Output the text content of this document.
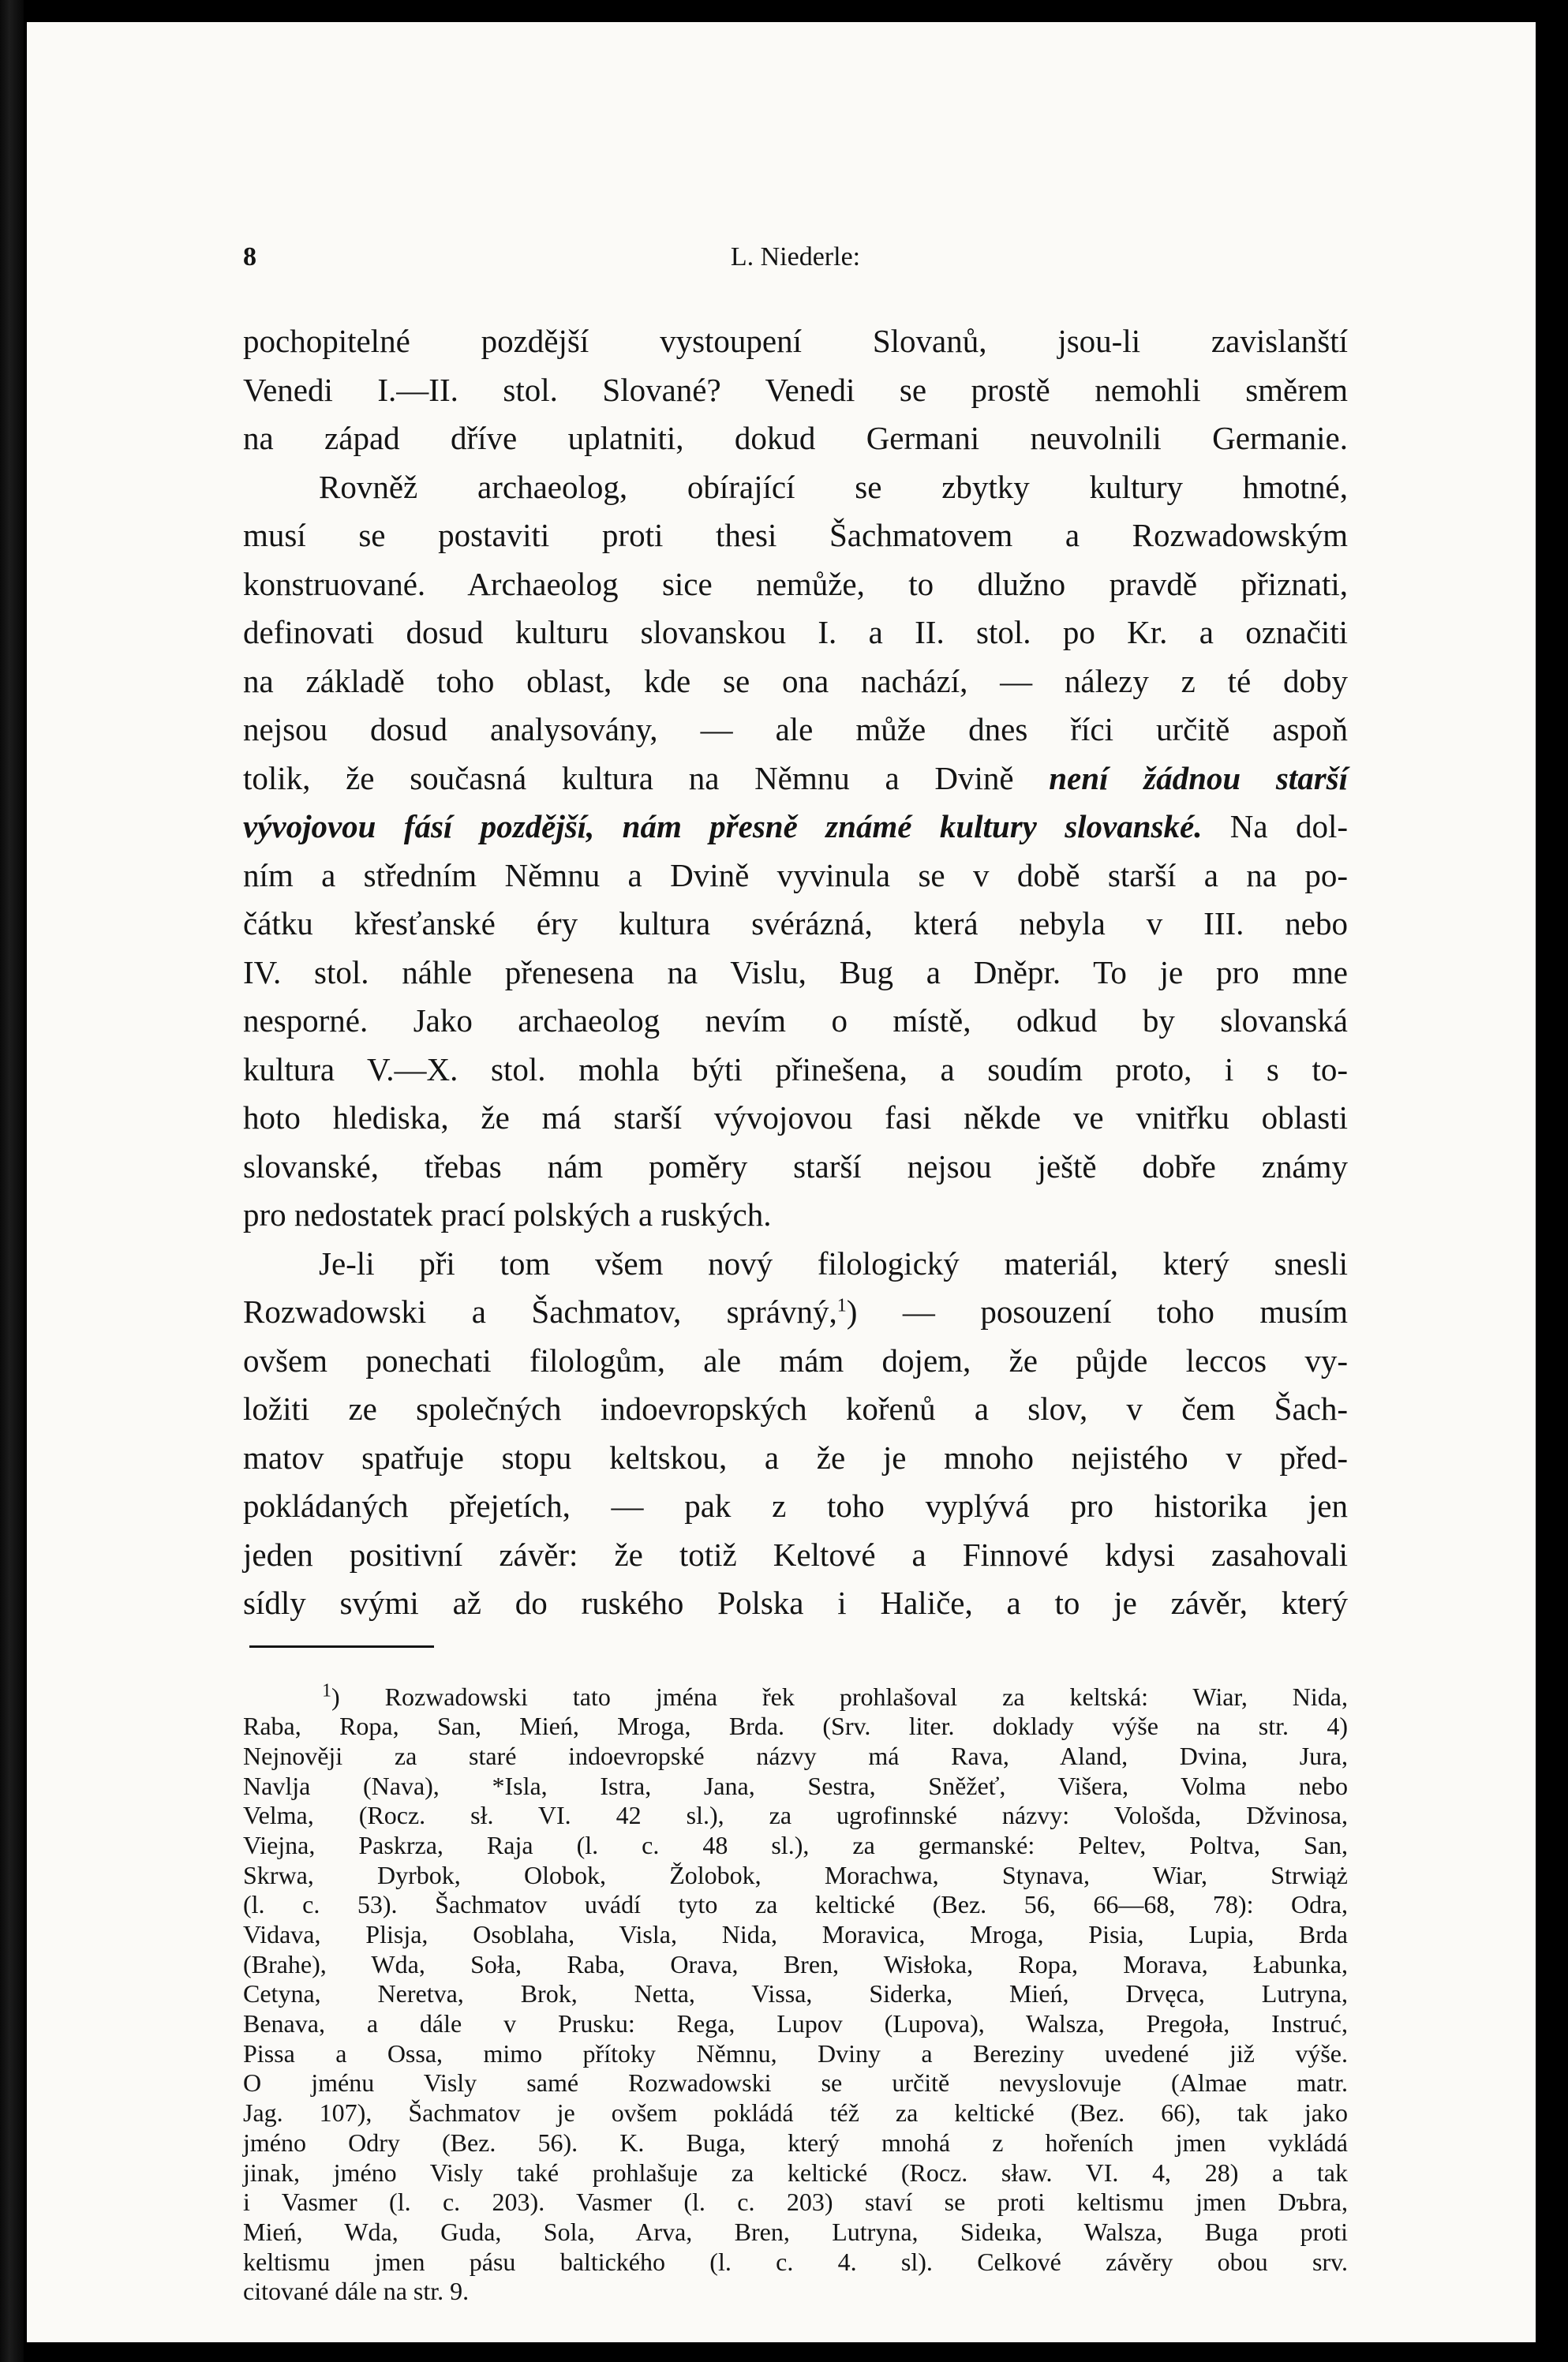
8	L. Niederle:
pochopitelné pozdější vystoupení Slovanů, jsou-li zavislanští
Venedi I.—II. stol. Slované? Venedi se prostě nemohli směrem
na západ dříve uplatniti, dokud Germani neuvolnili Germanie.
Rovněž archaeolog, obírající se zbytky kultury hmotné,
musí se postaviti proti thesi Šachmatovem a Rozwadowským
konstruované. Archaeolog sice nemůže, to dlužno pravdě přiznati,
definovati dosud kulturu slovanskou I. a II. stol. po Kr. a označiti
na základě toho oblast, kde se ona nachází, — nálezy z té doby
nejsou dosud analysovány, — ale může dnes říci určitě aspoň
tolik, že současná kultura na Němnu a Dvině není žádnou starší
vývojovou fásí pozdější, nám přesně známé kultury slovanské. Na dol-
ním a středním Němnu a Dvině vyvinula se v době starší a na po-
čátku křesťanské éry kultura svérázná, která nebyla v III. nebo
IV. stol. náhle přenesena na Vislu, Bug a Dněpr. To je pro mne
nesporné. Jako archaeolog nevím o místě, odkud by slovanská
kultura V.—X. stol. mohla býti přinešena, a soudím proto, i s to-
hoto hlediska, že má starší vývojovou fasi někde ve vnitřku oblasti
slovanské, třebas nám poměry starší nejsou ještě dobře známy
pro nedostatek prací polských a ruských.
Je-li při tom všem nový filologický materiál, který snesli
Rozwadowski a Šachmatov, správný,$^1$) — posouzení toho musím
ovšem ponechati filologům, ale mám dojem, že půjde leccos vy-
ložiti ze společných indoevropských kořenů a slov, v čem Šach-
matov spatřuje stopu keltskou, a že je mnoho nejistého v před-
pokládaných přejetích, — pak z toho vyplývá pro historika jen
jeden positivní závěr: že totiž Keltové a Finnové kdysi zasahovali
sídly svými až do ruského Polska i Haliče, a to je závěr, který
$^1$) Rozwadowski tato jména řek prohlašoval za keltská: Wiar, Nida,
Raba, Ropa, San, Mień, Mroga, Brda. (Srv. liter. doklady výše na str. 4)
Nejnověji za staré indoevropské názvy má Rava, Aland, Dvina, Jura,
Navlja (Nava), *Isla, Istra, Jana, Sestra, Sněžeť, Višera, Volma nebo
Velma, (Rocz. sł. VI. 42 sl.), za ugrofinnské názvy: Vološda, Džvinosa,
Viejna, Paskrza, Raja (l. c. 48 sl.), za germanské: Peltev, Poltva, San,
Skrwa, Dyrbok, Olobok, Žolobok, Morachwa, Stynava, Wiar, Strwiąż
(l. c. 53). Šachmatov uvádí tyto za keltické (Bez. 56, 66—68, 78): Odra,
Vidava, Plisja, Osoblaha, Visla, Nida, Moravica, Mroga, Pisia, Lupia, Brda
(Brahe), Wda, Soła, Raba, Orava, Bren, Wisłoka, Ropa, Morava, Łabunka,
Cetyna, Neretva, Brok, Netta, Vissa, Siderka, Mień, Drvęca, Lutryna,
Benava, a dále v Prusku: Rega, Lupov (Lupova), Walsza, Pregoła, Instruć,
Pissa a Ossa, mimo přítoky Němnu, Dviny a Bereziny uvedené již výše.
O jménu Visly samé Rozwadowski se určitě nevyslovuje (Almae matr.
Jag. 107), Šachmatov je ovšem pokládá též za keltické (Bez. 66), tak jako
jméno Odry (Bez. 56). K. Buga, který mnohá z hořeních jmen vykládá
jinak, jméno Visly také prohlašuje za keltické (Rocz. sław. VI. 4, 28) a tak
i Vasmer (l. c. 203). Vasmer (l. c. 203) staví se proti keltismu jmen Dъbra,
Mień, Wda, Guda, Sola, Arva, Bren, Lutryna, Sideıka, Walsza, Buga proti
keltismu jmen pásu baltického (l. c. 4. sl). Celkové závěry obou srv.
citované dále na str. 9.
